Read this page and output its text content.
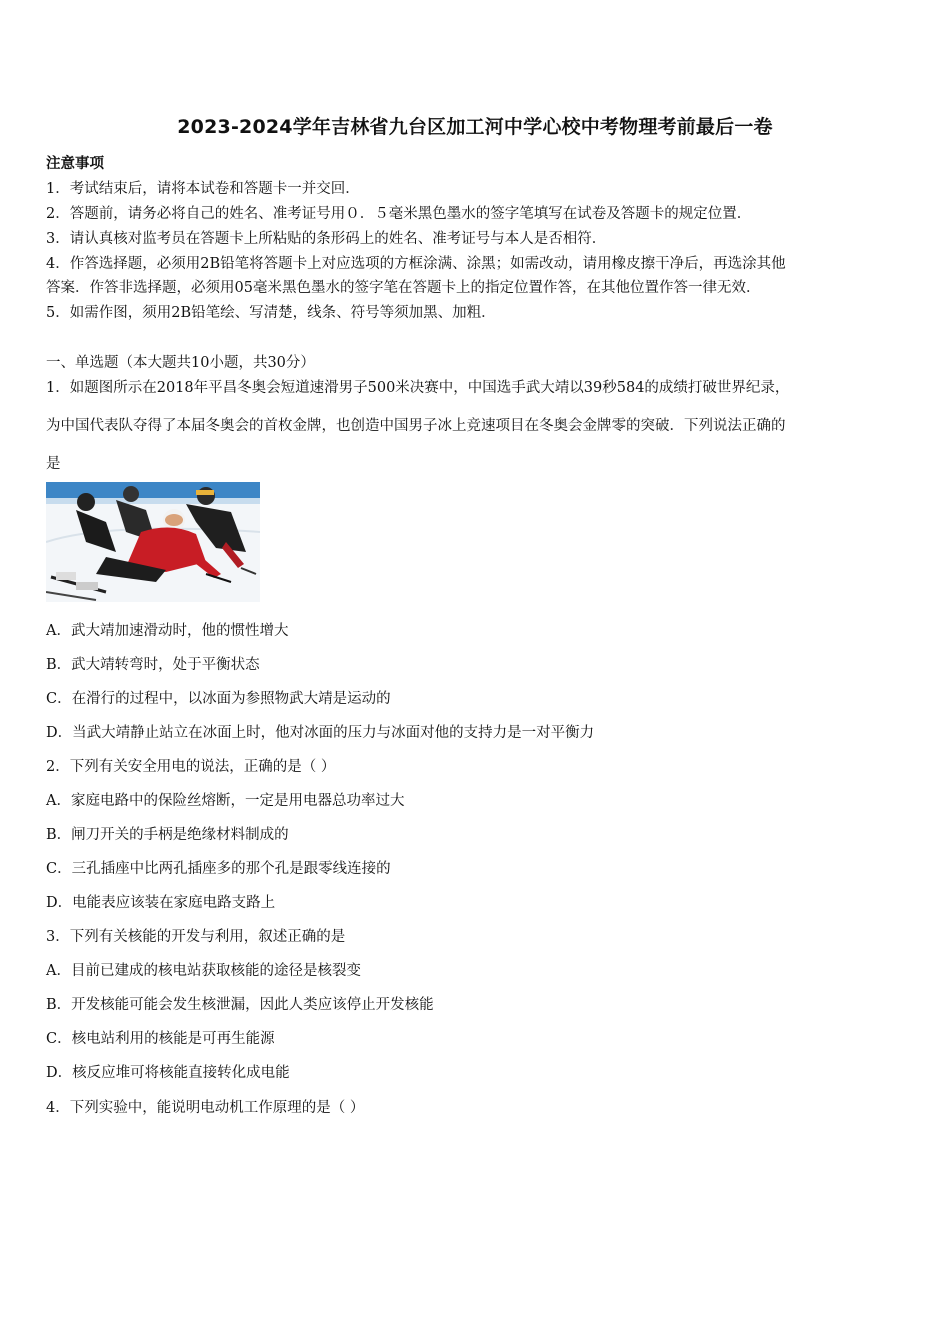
2023-2024学年吉林省九台区加工河中学心校中考物理考前最后一卷
注意事项
1．考试结束后，请将本试卷和答题卡一并交回．
2．答题前，请务必将自己的姓名、准考证号用０．５毫米黑色墨水的签字笔填写在试卷及答题卡的规定位置．
3．请认真核对监考员在答题卡上所粘贴的条形码上的姓名、准考证号与本人是否相符．
4．作答选择题，必须用2B铅笔将答题卡上对应选项的方框涂满、涂黑；如需改动，请用橡皮擦干净后，再选涂其他
答案．作答非选择题，必须用05毫米黑色墨水的签字笔在答题卡上的指定位置作答，在其他位置作答一律无效．
5．如需作图，须用2B铅笔绘、写清楚，线条、符号等须加黑、加粗．
一、单选题（本大题共10小题，共30分）
1．如题图所示在2018年平昌冬奥会短道速滑男子500米决赛中，中国选手武大靖以39秒584的成绩打破世界纪录，
为中国代表队夺得了本届冬奥会的首枚金牌，也创造中国男子冰上竞速项目在冬奥会金牌零的突破．下列说法正确的
是
A．武大靖加速滑动时，他的惯性增大
B．武大靖转弯时，处于平衡状态
C．在滑行的过程中，以冰面为参照物武大靖是运动的
D．当武大靖静止站立在冰面上时，他对冰面的压力与冰面对他的支持力是一对平衡力
2．下列有关安全用电的说法，正确的是（ ）
A．家庭电路中的保险丝熔断，一定是用电器总功率过大
B．闸刀开关的手柄是绝缘材料制成的
C．三孔插座中比两孔插座多的那个孔是跟零线连接的
D．电能表应该装在家庭电路支路上
3．下列有关核能的开发与利用，叙述正确的是
A．目前已建成的核电站获取核能的途径是核裂变
B．开发核能可能会发生核泄漏，因此人类应该停止开发核能
C．核电站利用的核能是可再生能源
D．核反应堆可将核能直接转化成电能
4．下列实验中，能说明电动机工作原理的是（ ）
